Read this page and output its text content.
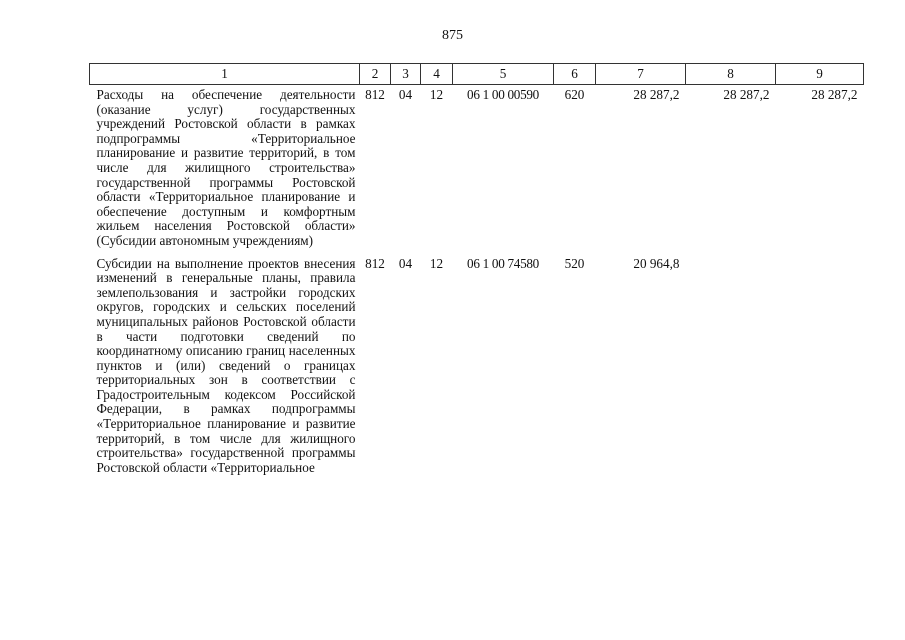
875
1	2	3	4	5	6	7	8	9
Расходы на обеспечение деятельности (оказание услуг) государственных учреждений Ростовской области в рамках подпрограммы «Территориальное планирование и развитие территорий, в том числе для жилищного строительства» государственной программы Ростовской области «Территориальное планирование и обеспечение доступным и комфортным жильем населения Ростовской области» (Субсидии автономным учреждениям)	812	04	12	06 1 00 00590	620	28 287,2	28 287,2	28 287,2
Субсидии на выполнение проектов внесения изменений в генеральные планы, правила землепользования и застройки городских округов, городских и сельских поселений муниципальных районов Ростовской области в части подготовки сведений по координатному описанию границ населенных пунктов и (или) сведений о границах территориальных зон в соответствии с Градостроительным кодексом Российской Федерации, в рамках подпрограммы «Территориальное планирование и развитие территорий, в том числе для жилищного строительства» государственной программы Ростовской области «Территориальное	812	04	12	06 1 00 74580	520	20 964,8		
